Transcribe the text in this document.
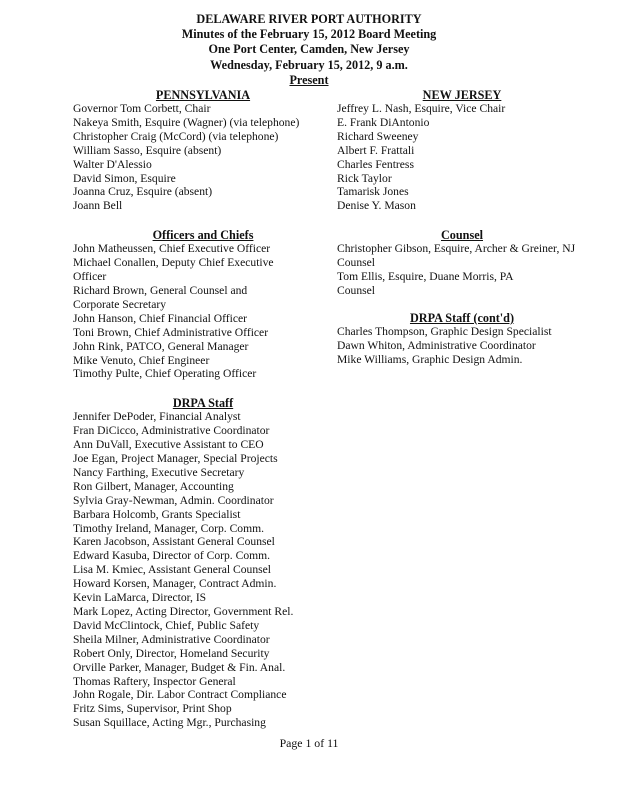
DELAWARE RIVER PORT AUTHORITY
Minutes of the February 15, 2012 Board Meeting
One Port Center, Camden, New Jersey
Wednesday, February 15, 2012, 9 a.m.
Present
PENNSYLVANIA
Governor Tom Corbett, Chair
Nakeya Smith, Esquire (Wagner) (via telephone)
Christopher Craig (McCord) (via telephone)
William Sasso, Esquire (absent)
Walter D'Alessio
David Simon, Esquire
Joanna Cruz, Esquire (absent)
Joann Bell
Officers and Chiefs
John Matheussen, Chief Executive Officer
Michael Conallen, Deputy Chief Executive Officer
Richard Brown, General Counsel and Corporate Secretary
John Hanson, Chief Financial Officer
Toni Brown, Chief Administrative Officer
John Rink, PATCO, General Manager
Mike Venuto, Chief Engineer
Timothy Pulte, Chief Operating Officer
DRPA Staff
Jennifer DePoder, Financial Analyst
Fran DiCicco, Administrative Coordinator
Ann DuVall, Executive Assistant to CEO
Joe Egan, Project Manager, Special Projects
Nancy Farthing, Executive Secretary
Ron Gilbert, Manager, Accounting
Sylvia Gray-Newman, Admin. Coordinator
Barbara Holcomb, Grants Specialist
Timothy Ireland, Manager, Corp. Comm.
Karen Jacobson, Assistant General Counsel
Edward Kasuba, Director of Corp. Comm.
Lisa M. Kmiec, Assistant General Counsel
Howard Korsen, Manager, Contract Admin.
Kevin LaMarca, Director, IS
Mark Lopez, Acting Director, Government Rel.
David McClintock, Chief, Public Safety
Sheila Milner, Administrative Coordinator
Robert Only, Director, Homeland Security
Orville Parker, Manager, Budget & Fin. Anal.
Thomas Raftery, Inspector General
John Rogale, Dir. Labor Contract Compliance
Fritz Sims, Supervisor, Print Shop
Susan Squillace, Acting Mgr., Purchasing
NEW JERSEY
Jeffrey L. Nash, Esquire, Vice Chair
E. Frank DiAntonio
Richard Sweeney
Albert F. Frattali
Charles Fentress
Rick Taylor
Tamarisk Jones
Denise Y. Mason
Counsel
Christopher Gibson, Esquire, Archer & Greiner, NJ Counsel
Tom Ellis, Esquire, Duane Morris, PA Counsel
DRPA Staff (cont'd)
Charles Thompson, Graphic Design Specialist
Dawn Whiton, Administrative Coordinator
Mike Williams, Graphic Design Admin.
Page 1 of 11
